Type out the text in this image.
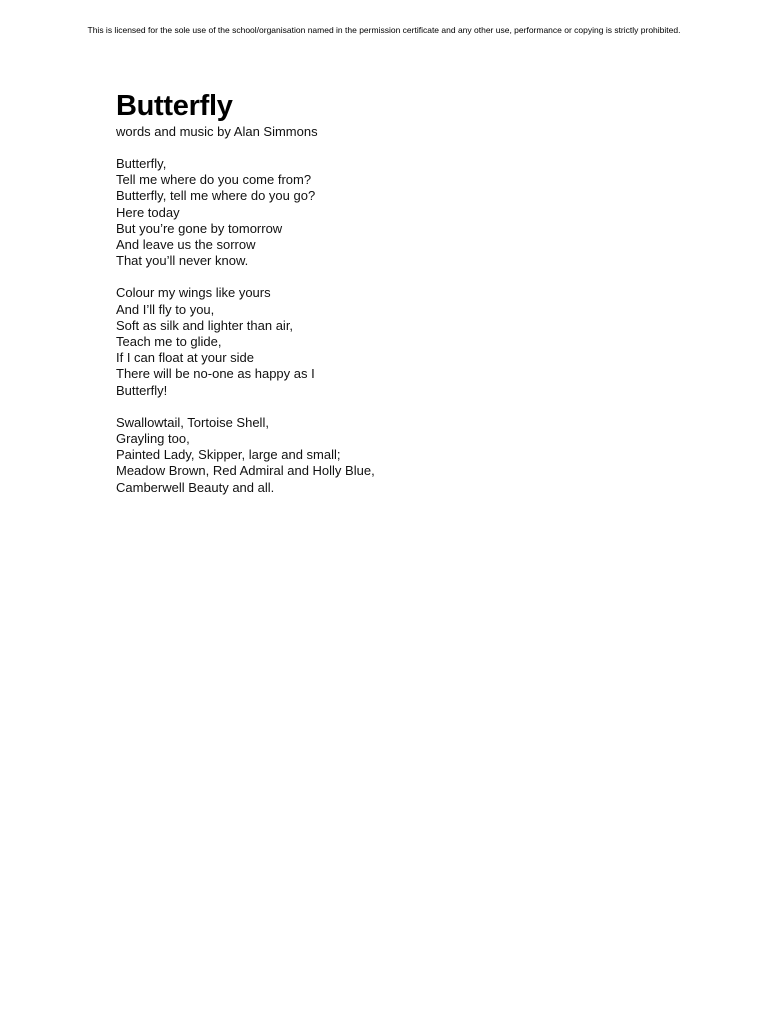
This is licensed for the sole use of the school/organisation named in the permission certificate and any other use, performance or copying is strictly prohibited.
Butterfly
words and music by Alan Simmons
Butterfly,
Tell me where do you come from?
Butterfly, tell me where do you go?
Here today
But you’re gone by tomorrow
And leave us the sorrow
That you’ll never know.
Colour my wings like yours
And I’ll fly to you,
Soft as silk and lighter than air,
Teach me to glide,
If I can float at your side
There will be no-one as happy as I
Butterfly!
Swallowtail, Tortoise Shell,
Grayling too,
Painted Lady, Skipper, large and small;
Meadow Brown, Red Admiral and Holly Blue,
Camberwell Beauty and all.
